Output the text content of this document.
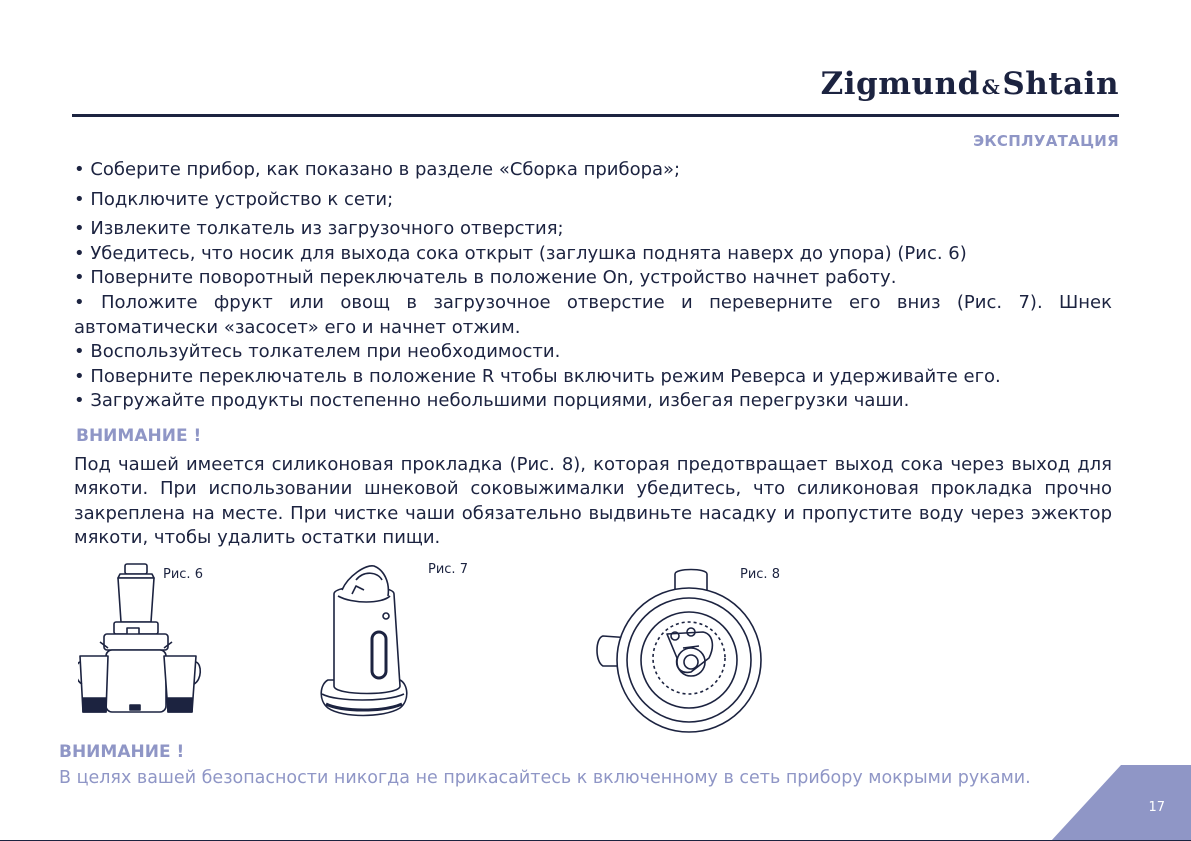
Zigmund &Shtain
ЭКСПЛУАТАЦИЯ
• Соберите прибор, как показано в разделе «Сборка прибора»;
• Подключите устройство к сети;
• Извлеките толкатель из загрузочного отверстия;
• Убедитесь, что носик для выхода сока открыт (заглушка поднята наверх до упора) (Рис. 6)
• Поверните поворотный переключатель в положение On, устройство начнет работу.
• Положите фрукт или овощ в загрузочное отверстие и переверните его вниз (Рис. 7). Шнек автоматически «засосет» его и начнет отжим.
• Воспользуйтесь толкателем при необходимости.
• Поверните переключатель в положение R чтобы включить режим Реверса и удерживайте его.
• Загружайте продукты постепенно небольшими порциями, избегая перегрузки чаши.
ВНИМАНИЕ !
Под чашей имеется силиконовая прокладка (Рис. 8), которая предотвращает выход сока через выход для мякоти. При использовании шнековой соковыжималки убедитесь, что силиконовая прокладка прочно закреплена на месте. При чистке чаши обязательно выдвиньте насадку и пропустите воду через эжектор мякоти, чтобы удалить остатки пищи.
Рис. 6	Рис. 7	Рис. 8
ВНИМАНИЕ !
В целях вашей безопасности никогда не прикасайтесь к включенному в сеть прибору мокрыми руками.
17
